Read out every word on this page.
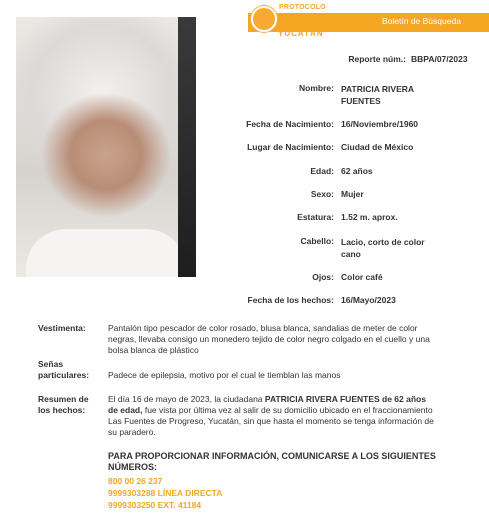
Boletín de Búsqueda
PROTOCOLO
ALBA
YUCATÁN
Reporte núm.: BBPA/07/2023
Nombre: PATRICIA RIVERA FUENTES
Fecha de Nacimiento: 16/Noviembre/1960
Lugar de Nacimiento: Ciudad de México
Edad: 62 años
Sexo: Mujer
Estatura: 1.52 m. aprox.
Cabello: Lacio, corto de color cano
Ojos: Color café
Fecha de los hechos: 16/Mayo/2023
Vestimenta:	Pantalón tipo pescador de color rosado, blusa blanca, sandalias de meter de color negras, llevaba consigo un monedero tejido de color negro colgado en el cuello y una bolsa blanca de plástico
Señas
particulares:	Padece de epilepsia, motivo por el cual le tiemblan las manos
Resumen de
los hechos:
El día 16 de mayo de 2023, la ciudadana PATRICIA RIVERA FUENTES de 62 años de edad, fue vista por última vez al salir de su domicilio ubicado en el fraccionamiento Las Fuentes de Progreso, Yucatán, sin que hasta el momento se tenga información de su paradero.
PARA PROPORCIONAR INFORMACIÓN, COMUNICARSE A LOS SIGUIENTES NÚMEROS:
800 00 26 237
9999303288 LÍNEA DIRECTA
9999303250 EXT. 41184
